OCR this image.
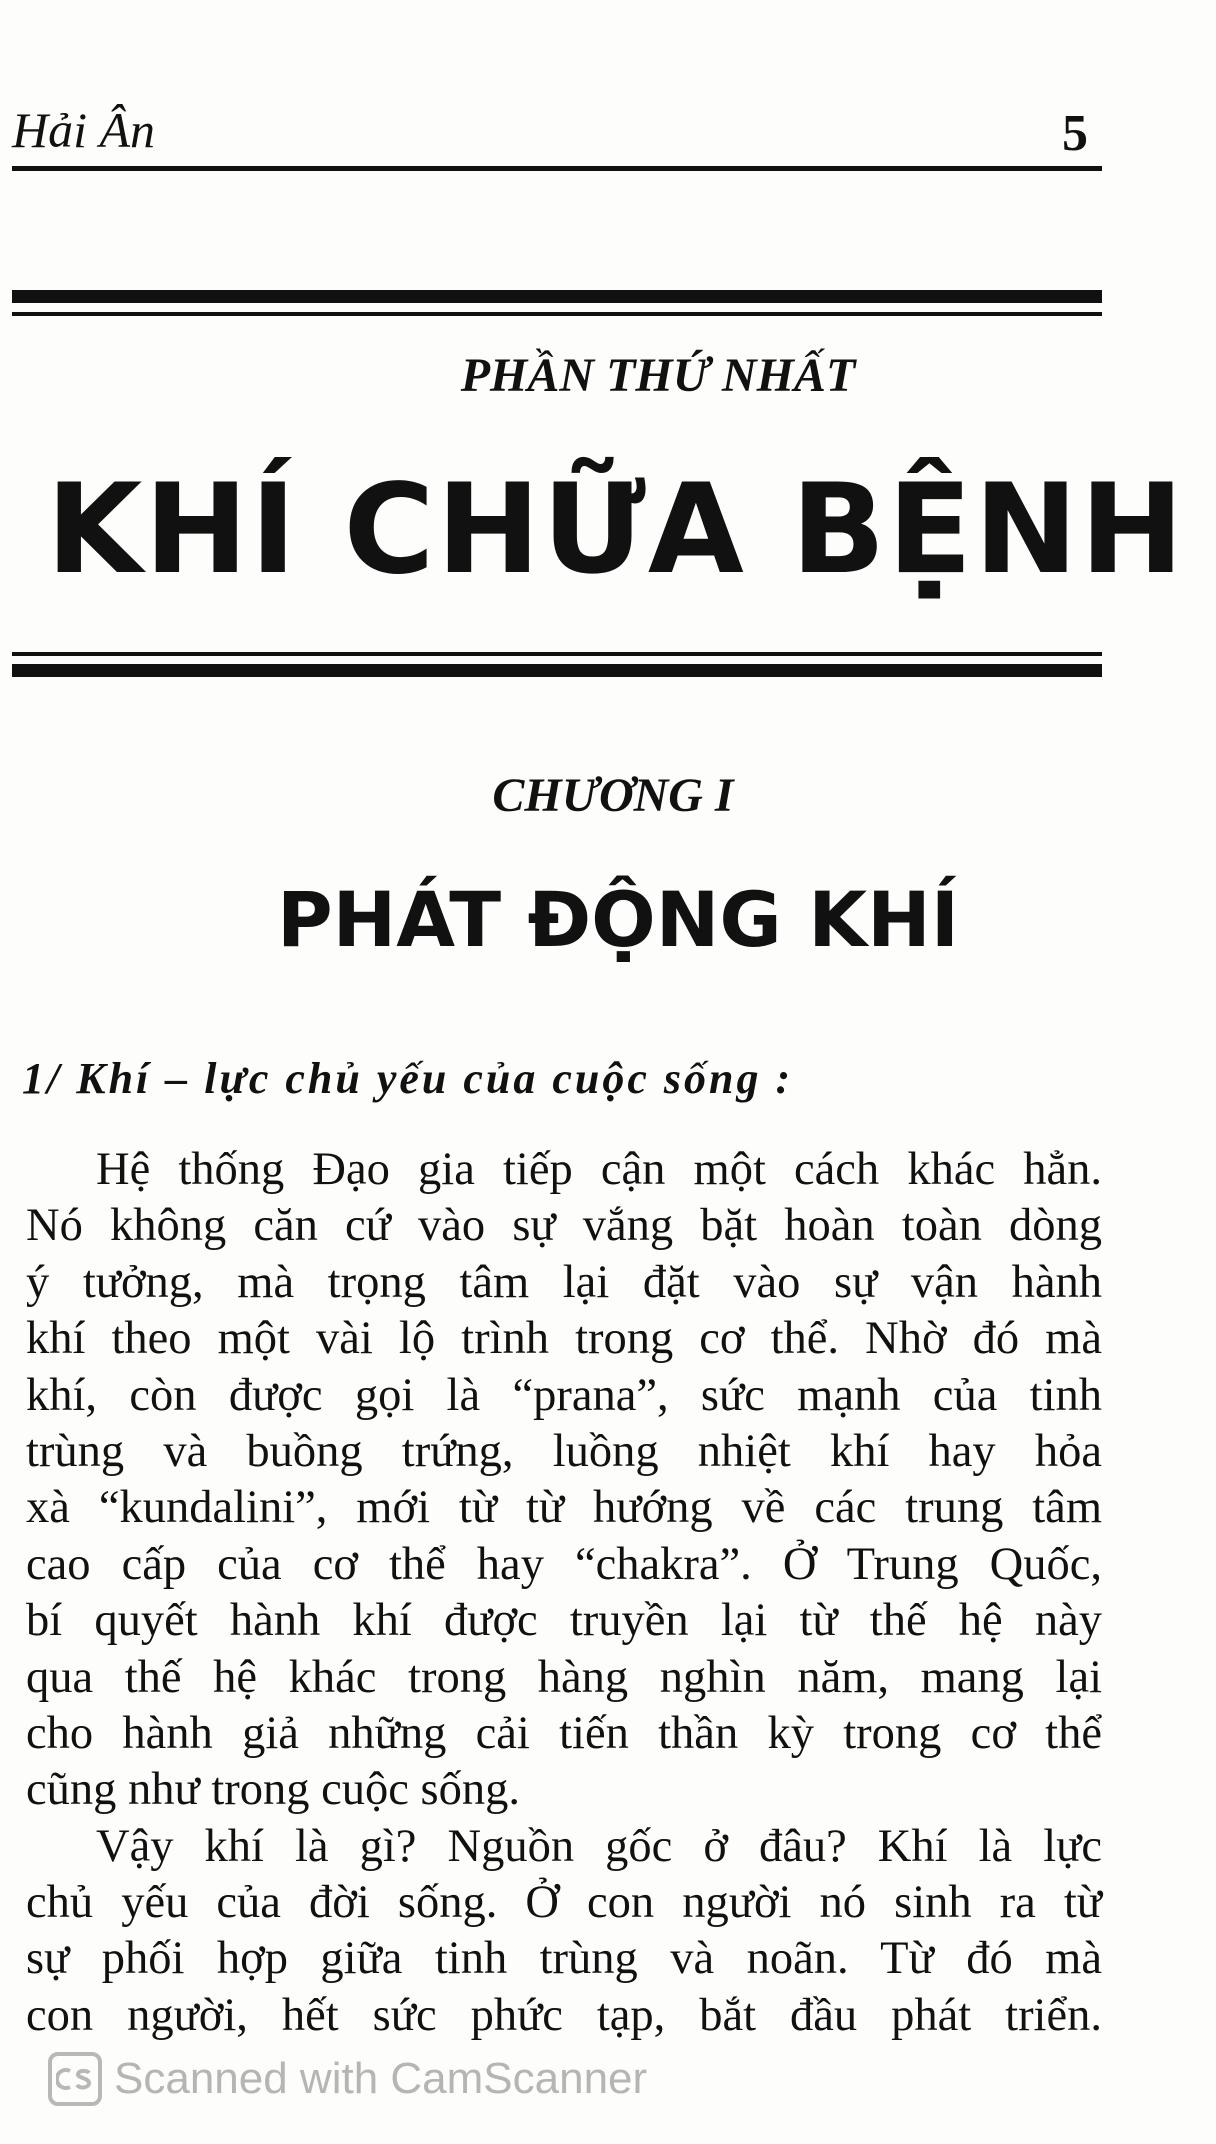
Hải Ân	5
PHẦN THỨ NHẤT
KHÍ CHỮA BỆNH
CHƯƠNG I
PHÁT ĐỘNG KHÍ
1/ Khí – lực chủ yếu của cuộc sống :
Hệ thống Đạo gia tiếp cận một cách khác hẳn.
Nó không căn cứ vào sự vắng bặt hoàn toàn dòng
ý tưởng, mà trọng tâm lại đặt vào sự vận hành
khí theo một vài lộ trình trong cơ thể. Nhờ đó mà
khí, còn được gọi là “prana”, sức mạnh của tinh
trùng và buồng trứng, luồng nhiệt khí hay hỏa
xà “kundalini”, mới từ từ hướng về các trung tâm
cao cấp của cơ thể hay “chakra”. Ở Trung Quốc,
bí quyết hành khí được truyền lại từ thế hệ này
qua thế hệ khác trong hàng nghìn năm, mang lại
cho hành giả những cải tiến thần kỳ trong cơ thể
cũng như trong cuộc sống.
Vậy khí là gì? Nguồn gốc ở đâu? Khí là lực
chủ yếu của đời sống. Ở con người nó sinh ra từ
sự phối hợp giữa tinh trùng và noãn. Từ đó mà
con người, hết sức phức tạp, bắt đầu phát triển.
Scanned with CamScanner
